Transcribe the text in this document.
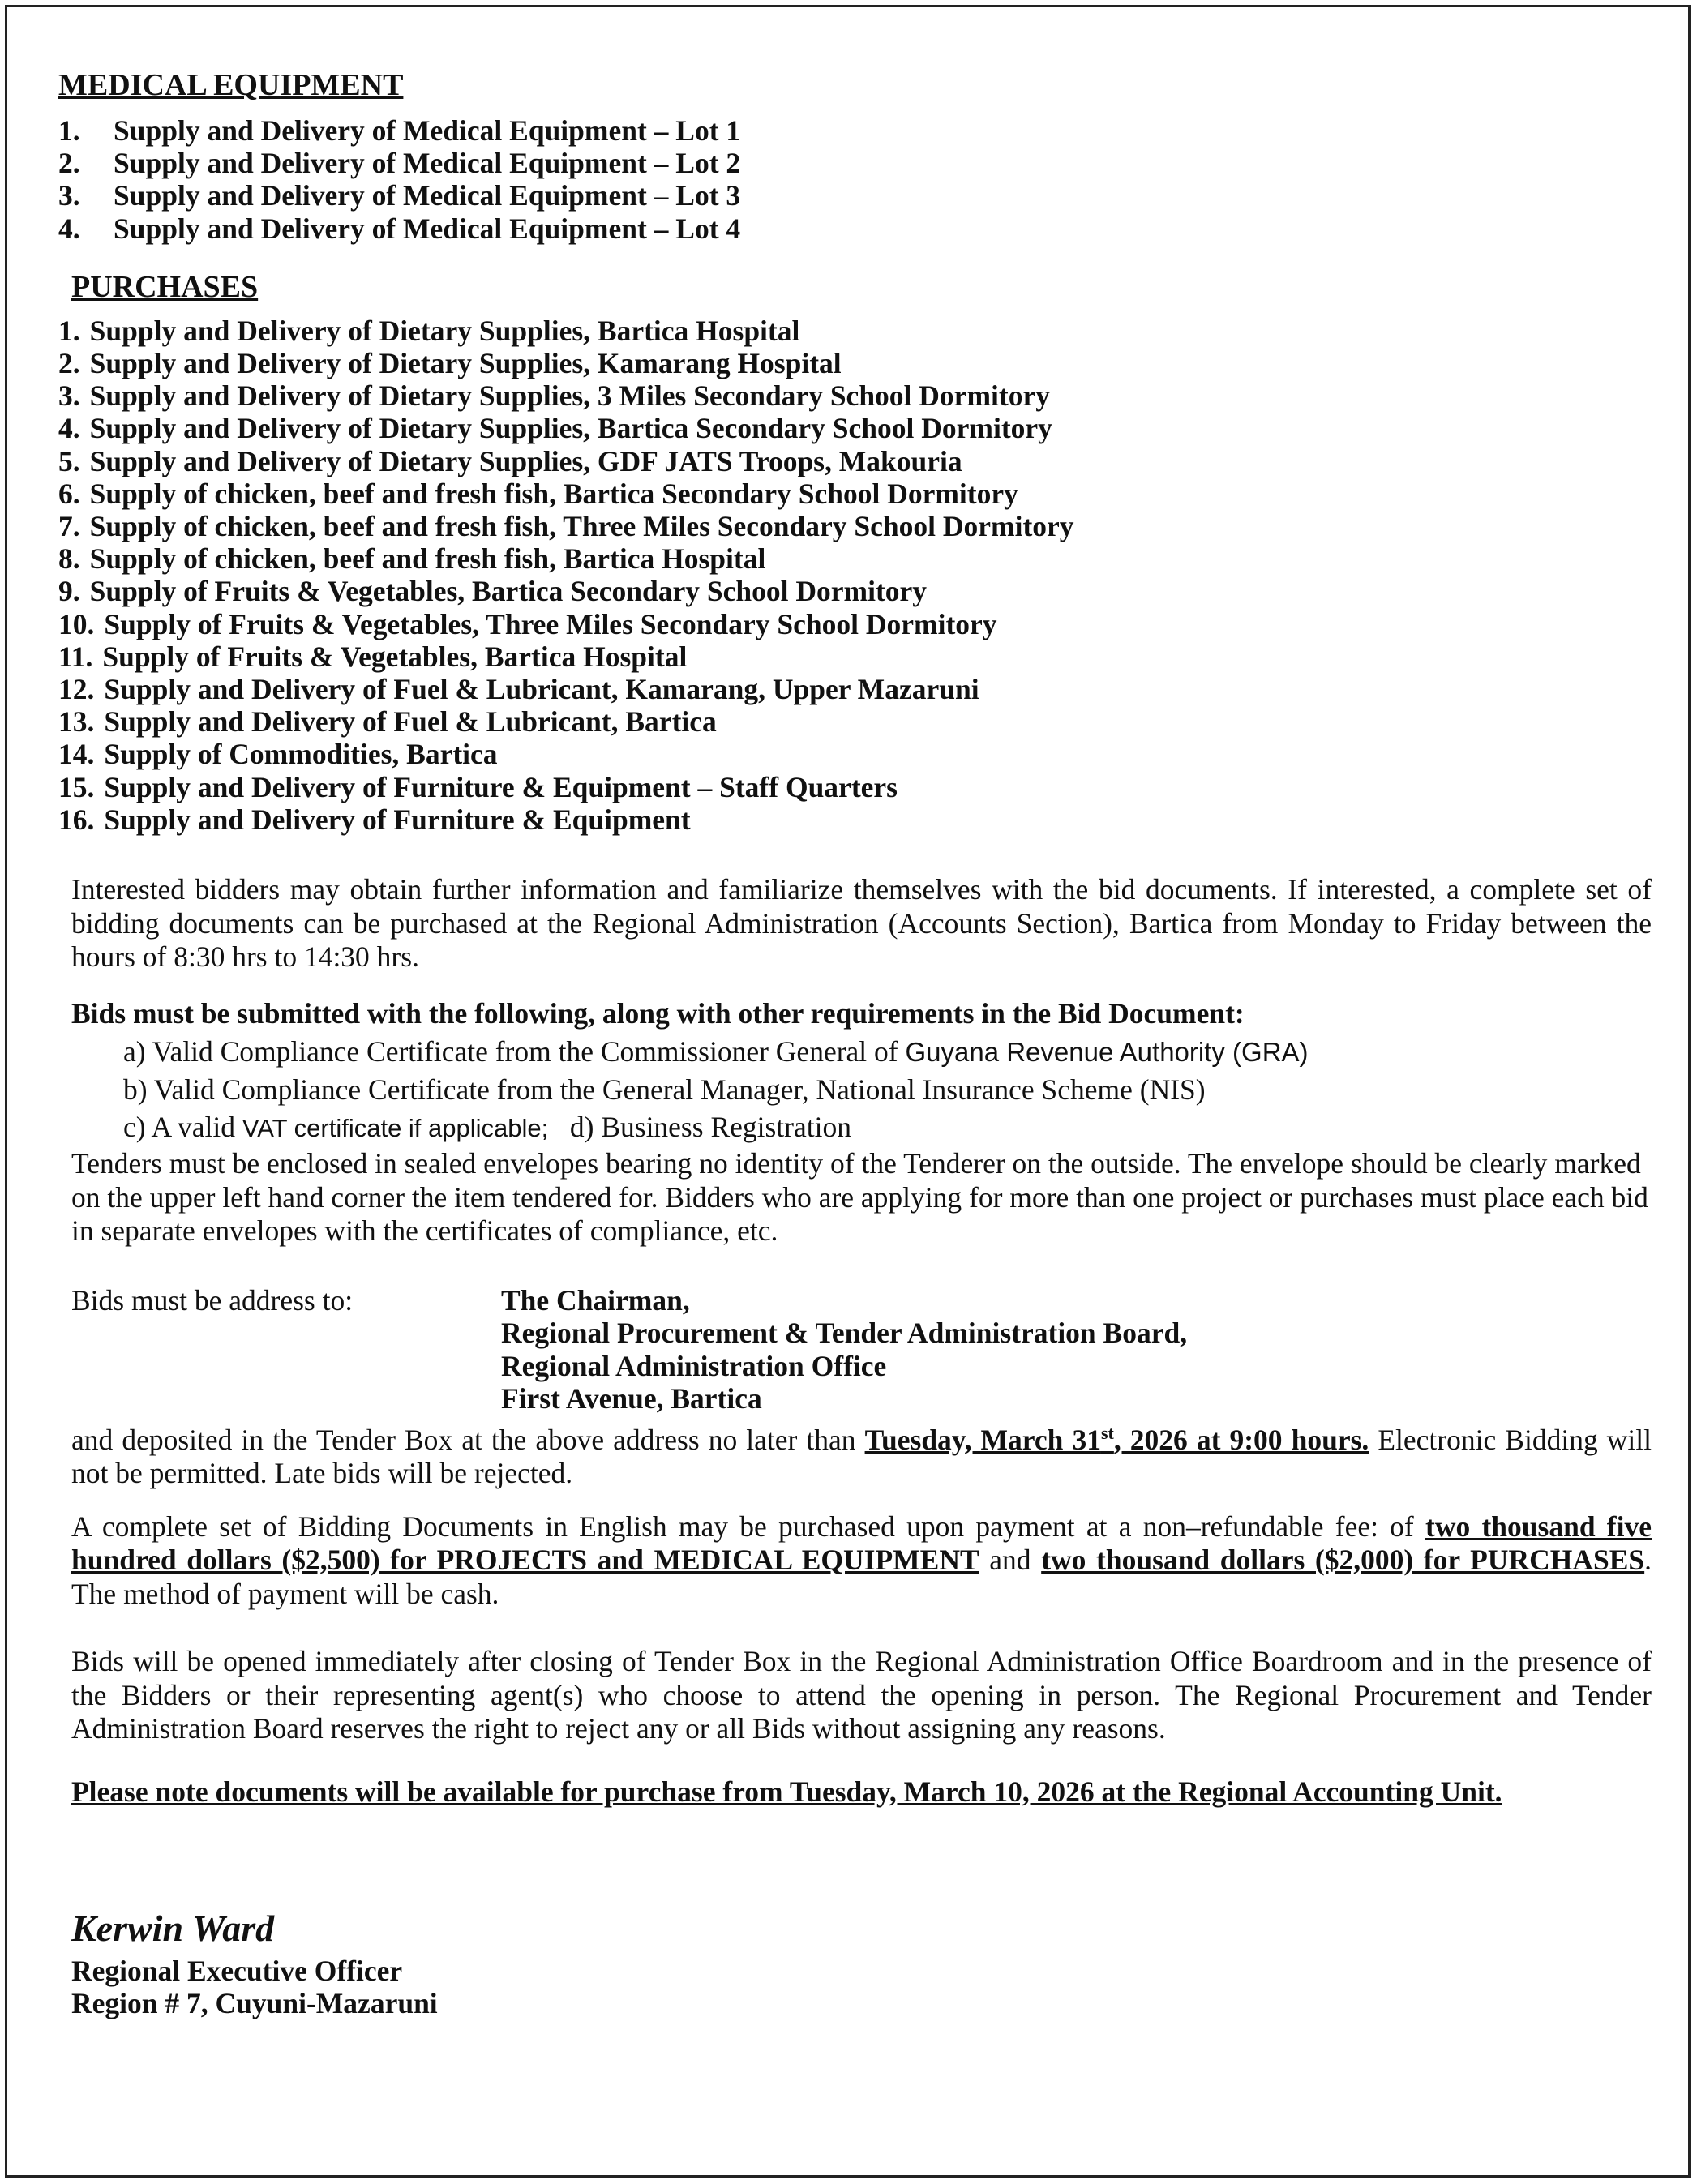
MEDICAL EQUIPMENT
1.	Supply and Delivery of Medical Equipment – Lot 1
2.	Supply and Delivery of Medical Equipment – Lot 2
3.	Supply and Delivery of Medical Equipment – Lot 3
4.	Supply and Delivery of Medical Equipment – Lot 4
PURCHASES
1. Supply and Delivery of Dietary Supplies, Bartica Hospital
2. Supply and Delivery of Dietary Supplies, Kamarang Hospital
3. Supply and Delivery of Dietary Supplies, 3 Miles Secondary School Dormitory
4. Supply and Delivery of Dietary Supplies, Bartica Secondary School Dormitory
5. Supply and Delivery of Dietary Supplies, GDF JATS Troops, Makouria
6. Supply of chicken, beef and fresh fish, Bartica Secondary School Dormitory
7. Supply of chicken, beef and fresh fish, Three Miles Secondary School Dormitory
8. Supply of chicken, beef and fresh fish, Bartica Hospital
9. Supply of Fruits & Vegetables, Bartica Secondary School Dormitory
10. Supply of Fruits & Vegetables, Three Miles Secondary School Dormitory
11. Supply of Fruits & Vegetables, Bartica Hospital
12. Supply and Delivery of Fuel & Lubricant, Kamarang, Upper Mazaruni
13. Supply and Delivery of Fuel & Lubricant, Bartica
14. Supply of Commodities, Bartica
15. Supply and Delivery of Furniture & Equipment – Staff Quarters
16. Supply and Delivery of Furniture & Equipment
Interested bidders may obtain further information and familiarize themselves with the bid documents. If interested, a complete set of bidding documents can be purchased at the Regional Administration (Accounts Section), Bartica from Monday to Friday between the hours of 8:30 hrs to 14:30 hrs.
Bids must be submitted with the following, along with other requirements in the Bid Document:
a) Valid Compliance Certificate from the Commissioner General of Guyana Revenue Authority (GRA)
b) Valid Compliance Certificate from the General Manager, National Insurance Scheme (NIS)
c) A valid VAT certificate if applicable; d) Business Registration
Tenders must be enclosed in sealed envelopes bearing no identity of the Tenderer on the outside. The envelope should be clearly marked on the upper left hand corner the item tendered for. Bidders who are applying for more than one project or purchases must place each bid in separate envelopes with the certificates of compliance, etc.
Bids must be address to:	The Chairman,
Regional Procurement & Tender Administration Board,
Regional Administration Office
First Avenue, Bartica
and deposited in the Tender Box at the above address no later than Tuesday, March 31st, 2026 at 9:00 hours. Electronic Bidding will not be permitted. Late bids will be rejected.
A complete set of Bidding Documents in English may be purchased upon payment at a non–refundable fee: of two thousand five hundred dollars ($2,500) for PROJECTS and MEDICAL EQUIPMENT and two thousand dollars ($2,000) for PURCHASES. The method of payment will be cash.
Bids will be opened immediately after closing of Tender Box in the Regional Administration Office Boardroom and in the presence of the Bidders or their representing agent(s) who choose to attend the opening in person. The Regional Procurement and Tender Administration Board reserves the right to reject any or all Bids without assigning any reasons.
Please note documents will be available for purchase from Tuesday, March 10, 2026 at the Regional Accounting Unit.
Kerwin Ward
Regional Executive Officer
Region # 7, Cuyuni-Mazaruni
